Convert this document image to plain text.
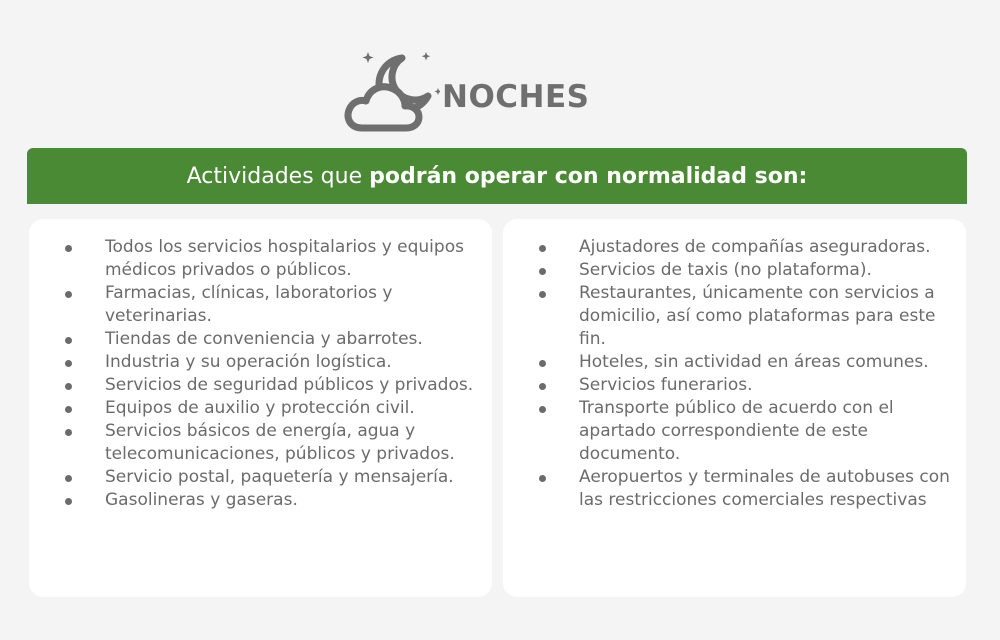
NOCHES
Actividades que podrán operar con normalidad son:
Todos los servicios hospitalarios y equipos médicos privados o públicos.
Farmacias, clínicas, laboratorios y veterinarias.
Tiendas de conveniencia y abarrotes.
Industria y su operación logística.
Servicios de seguridad públicos y privados.
Equipos de auxilio y protección civil.
Servicios básicos de energía, agua y telecomunicaciones, públicos y privados.
Servicio postal, paquetería y mensajería.
Gasolineras y gaseras.
Ajustadores de compañías aseguradoras.
Servicios de taxis (no plataforma).
Restaurantes, únicamente con servicios a domicilio, así como plataformas para este fin.
Hoteles, sin actividad en áreas comunes.
Servicios funerarios.
Transporte público de acuerdo con el apartado correspondiente de este documento.
Aeropuertos y terminales de autobuses con las restricciones comerciales respectivas
